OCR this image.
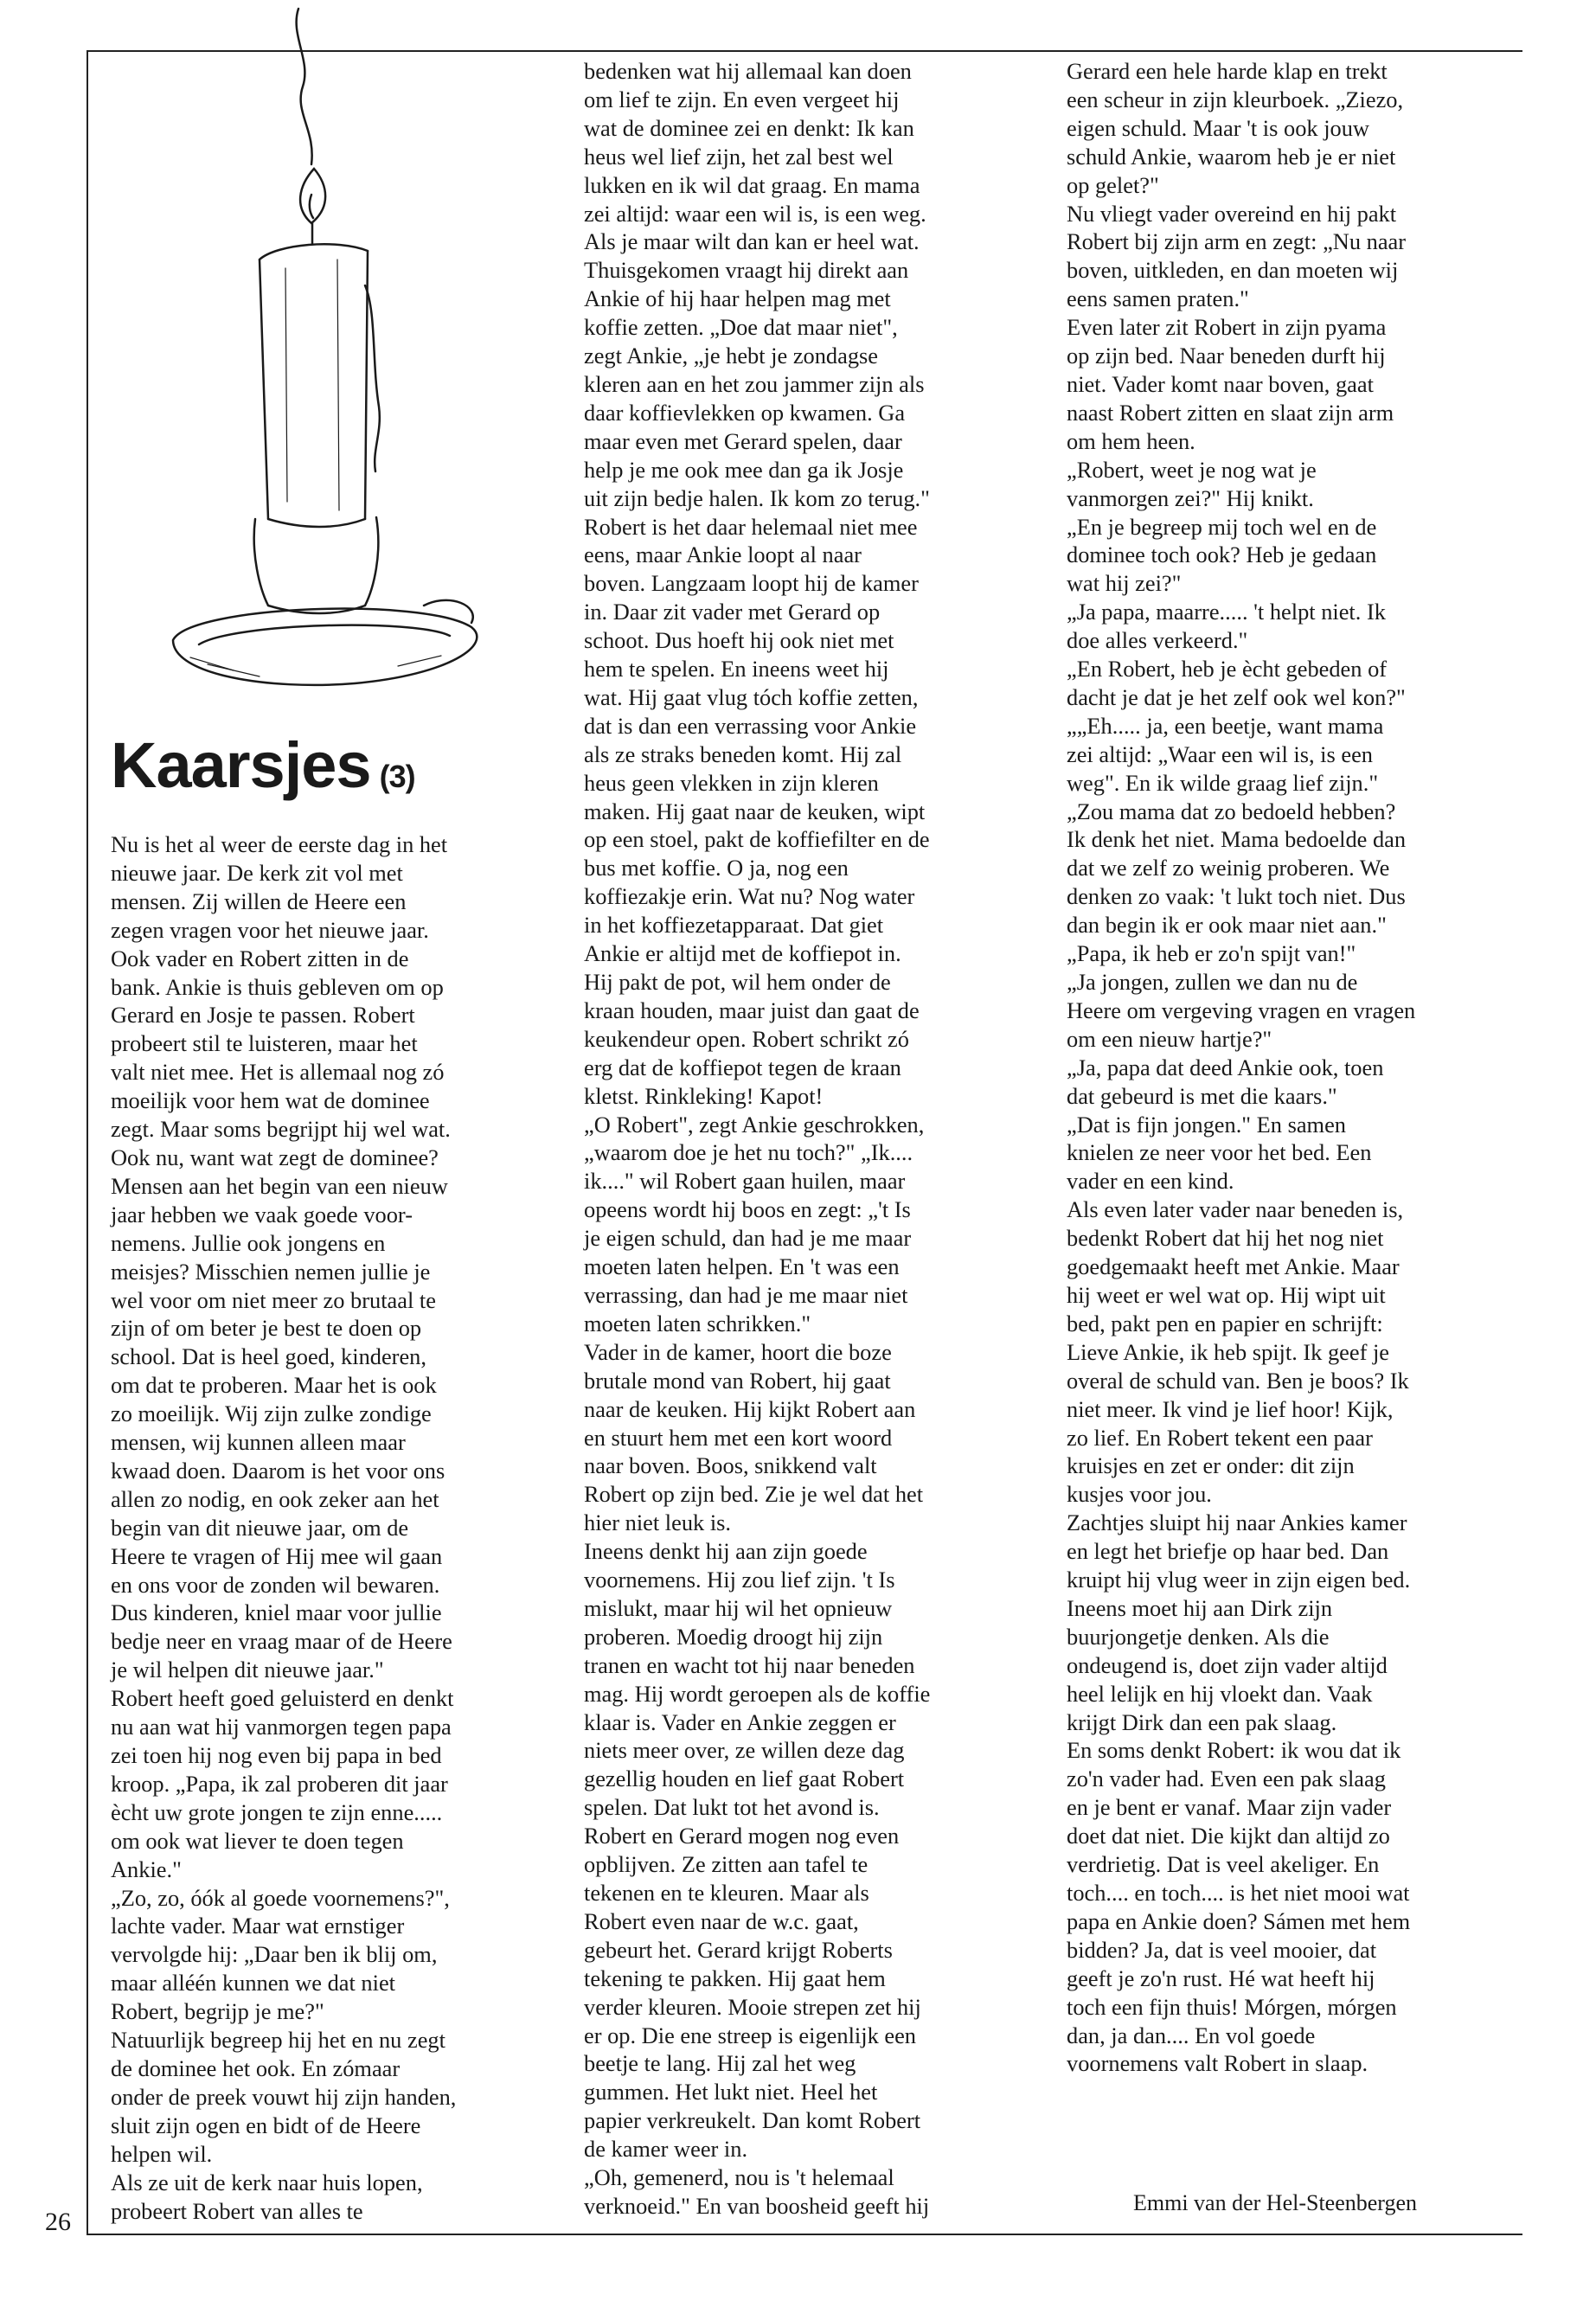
Kaarsjes (3)
Nu is het al weer de eerste dag in het
nieuwe jaar. De kerk zit vol met
mensen. Zij willen de Heere een
zegen vragen voor het nieuwe jaar.
Ook vader en Robert zitten in de
bank. Ankie is thuis gebleven om op
Gerard en Josje te passen. Robert
probeert stil te luisteren, maar het
valt niet mee. Het is allemaal nog zó
moeilijk voor hem wat de dominee
zegt. Maar soms begrijpt hij wel wat.
Ook nu, want wat zegt de dominee?
Mensen aan het begin van een nieuw
jaar hebben we vaak goede voor-
nemens. Jullie ook jongens en
meisjes? Misschien nemen jullie je
wel voor om niet meer zo brutaal te
zijn of om beter je best te doen op
school. Dat is heel goed, kinderen,
om dat te proberen. Maar het is ook
zo moeilijk. Wij zijn zulke zondige
mensen, wij kunnen alleen maar
kwaad doen. Daarom is het voor ons
allen zo nodig, en ook zeker aan het
begin van dit nieuwe jaar, om de
Heere te vragen of Hij mee wil gaan
en ons voor de zonden wil bewaren.
Dus kinderen, kniel maar voor jullie
bedje neer en vraag maar of de Heere
je wil helpen dit nieuwe jaar."
Robert heeft goed geluisterd en denkt
nu aan wat hij vanmorgen tegen papa
zei toen hij nog even bij papa in bed
kroop. „Papa, ik zal proberen dit jaar
ècht uw grote jongen te zijn enne.....
om ook wat liever te doen tegen
Ankie."
„Zo, zo, óók al goede voornemens?",
lachte vader. Maar wat ernstiger
vervolgde hij: „Daar ben ik blij om,
maar alléén kunnen we dat niet
Robert, begrijp je me?"
Natuurlijk begreep hij het en nu zegt
de dominee het ook. En zómaar
onder de preek vouwt hij zijn handen,
sluit zijn ogen en bidt of de Heere
helpen wil.
Als ze uit de kerk naar huis lopen,
probeert Robert van alles te
bedenken wat hij allemaal kan doen
om lief te zijn. En even vergeet hij
wat de dominee zei en denkt: Ik kan
heus wel lief zijn, het zal best wel
lukken en ik wil dat graag. En mama
zei altijd: waar een wil is, is een weg.
Als je maar wilt dan kan er heel wat.
Thuisgekomen vraagt hij direkt aan
Ankie of hij haar helpen mag met
koffie zetten. „Doe dat maar niet",
zegt Ankie, „je hebt je zondagse
kleren aan en het zou jammer zijn als
daar koffievlekken op kwamen. Ga
maar even met Gerard spelen, daar
help je me ook mee dan ga ik Josje
uit zijn bedje halen. Ik kom zo terug."
Robert is het daar helemaal niet mee
eens, maar Ankie loopt al naar
boven. Langzaam loopt hij de kamer
in. Daar zit vader met Gerard op
schoot. Dus hoeft hij ook niet met
hem te spelen. En ineens weet hij
wat. Hij gaat vlug tóch koffie zetten,
dat is dan een verrassing voor Ankie
als ze straks beneden komt. Hij zal
heus geen vlekken in zijn kleren
maken. Hij gaat naar de keuken, wipt
op een stoel, pakt de koffiefilter en de
bus met koffie. O ja, nog een
koffiezakje erin. Wat nu? Nog water
in het koffiezetapparaat. Dat giet
Ankie er altijd met de koffiepot in.
Hij pakt de pot, wil hem onder de
kraan houden, maar juist dan gaat de
keukendeur open. Robert schrikt zó
erg dat de koffiepot tegen de kraan
kletst. Rinkleking! Kapot!
„O Robert", zegt Ankie geschrokken,
„waarom doe je het nu toch?" „Ik....
ik...." wil Robert gaan huilen, maar
opeens wordt hij boos en zegt: „'t Is
je eigen schuld, dan had je me maar
moeten laten helpen. En 't was een
verrassing, dan had je me maar niet
moeten laten schrikken."
Vader in de kamer, hoort die boze
brutale mond van Robert, hij gaat
naar de keuken. Hij kijkt Robert aan
en stuurt hem met een kort woord
naar boven. Boos, snikkend valt
Robert op zijn bed. Zie je wel dat het
hier niet leuk is.
Ineens denkt hij aan zijn goede
voornemens. Hij zou lief zijn. 't Is
mislukt, maar hij wil het opnieuw
proberen. Moedig droogt hij zijn
tranen en wacht tot hij naar beneden
mag. Hij wordt geroepen als de koffie
klaar is. Vader en Ankie zeggen er
niets meer over, ze willen deze dag
gezellig houden en lief gaat Robert
spelen. Dat lukt tot het avond is.
Robert en Gerard mogen nog even
opblijven. Ze zitten aan tafel te
tekenen en te kleuren. Maar als
Robert even naar de w.c. gaat,
gebeurt het. Gerard krijgt Roberts
tekening te pakken. Hij gaat hem
verder kleuren. Mooie strepen zet hij
er op. Die ene streep is eigenlijk een
beetje te lang. Hij zal het weg
gummen. Het lukt niet. Heel het
papier verkreukelt. Dan komt Robert
de kamer weer in.
„Oh, gemenerd, nou is 't helemaal
verknoeid." En van boosheid geeft hij
Gerard een hele harde klap en trekt
een scheur in zijn kleurboek. „Ziezo,
eigen schuld. Maar 't is ook jouw
schuld Ankie, waarom heb je er niet
op gelet?"
Nu vliegt vader overeind en hij pakt
Robert bij zijn arm en zegt: „Nu naar
boven, uitkleden, en dan moeten wij
eens samen praten."
Even later zit Robert in zijn pyama
op zijn bed. Naar beneden durft hij
niet. Vader komt naar boven, gaat
naast Robert zitten en slaat zijn arm
om hem heen.
„Robert, weet je nog wat je
vanmorgen zei?" Hij knikt.
„En je begreep mij toch wel en de
dominee toch ook? Heb je gedaan
wat hij zei?"
„Ja papa, maarre..... 't helpt niet. Ik
doe alles verkeerd."
„En Robert, heb je ècht gebeden of
dacht je dat je het zelf ook wel kon?"
„„Eh..... ja, een beetje, want mama
zei altijd: „Waar een wil is, is een
weg". En ik wilde graag lief zijn."
„Zou mama dat zo bedoeld hebben?
Ik denk het niet. Mama bedoelde dan
dat we zelf zo weinig proberen. We
denken zo vaak: 't lukt toch niet. Dus
dan begin ik er ook maar niet aan."
„Papa, ik heb er zo'n spijt van!"
„Ja jongen, zullen we dan nu de
Heere om vergeving vragen en vragen
om een nieuw hartje?"
„Ja, papa dat deed Ankie ook, toen
dat gebeurd is met die kaars."
„Dat is fijn jongen." En samen
knielen ze neer voor het bed. Een
vader en een kind.
Als even later vader naar beneden is,
bedenkt Robert dat hij het nog niet
goedgemaakt heeft met Ankie. Maar
hij weet er wel wat op. Hij wipt uit
bed, pakt pen en papier en schrijft:
Lieve Ankie, ik heb spijt. Ik geef je
overal de schuld van. Ben je boos? Ik
niet meer. Ik vind je lief hoor! Kijk,
zo lief. En Robert tekent een paar
kruisjes en zet er onder: dit zijn
kusjes voor jou.
Zachtjes sluipt hij naar Ankies kamer
en legt het briefje op haar bed. Dan
kruipt hij vlug weer in zijn eigen bed.
Ineens moet hij aan Dirk zijn
buurjongetje denken. Als die
ondeugend is, doet zijn vader altijd
heel lelijk en hij vloekt dan. Vaak
krijgt Dirk dan een pak slaag.
En soms denkt Robert: ik wou dat ik
zo'n vader had. Even een pak slaag
en je bent er vanaf. Maar zijn vader
doet dat niet. Die kijkt dan altijd zo
verdrietig. Dat is veel akeliger. En
toch.... en toch.... is het niet mooi wat
papa en Ankie doen? Sámen met hem
bidden? Ja, dat is veel mooier, dat
geeft je zo'n rust. Hé wat heeft hij
toch een fijn thuis! Mórgen, mórgen
dan, ja dan.... En vol goede
voornemens valt Robert in slaap.
Emmi van der Hel-Steenbergen
26
